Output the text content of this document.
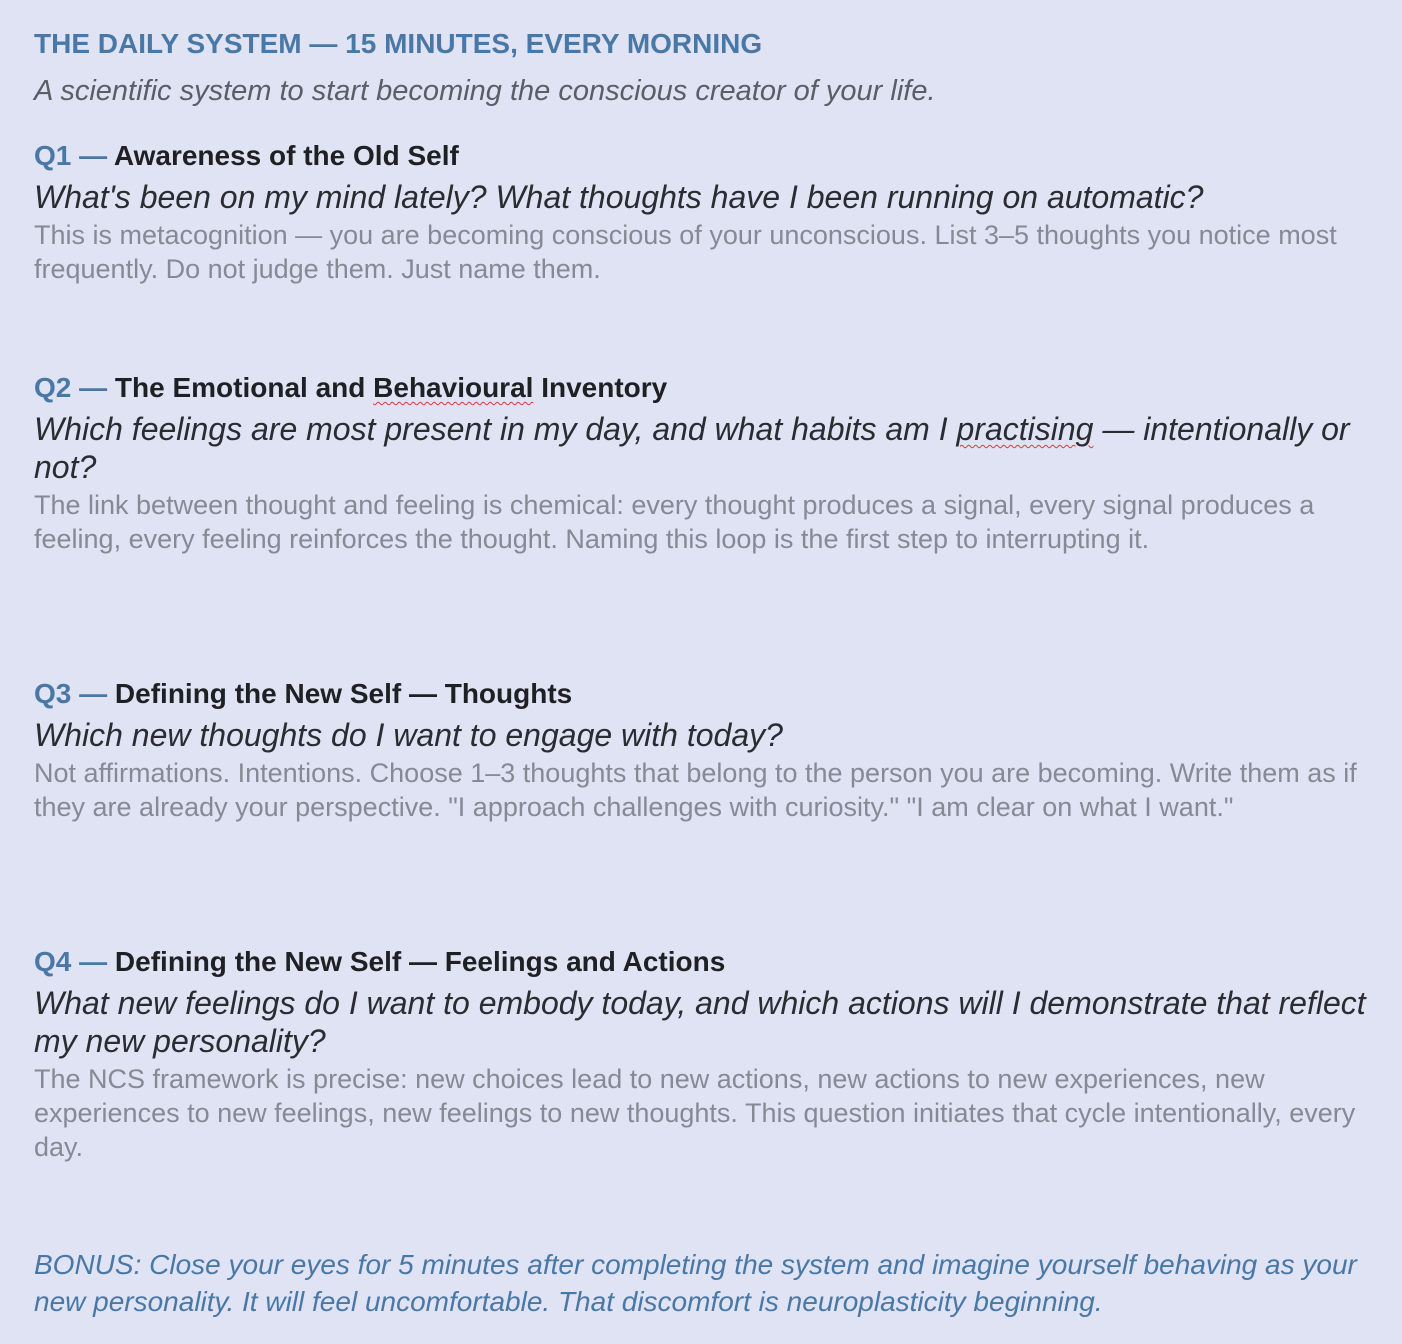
THE DAILY SYSTEM — 15 MINUTES, EVERY MORNING
A scientific system to start becoming the conscious creator of your life.
Q1 — Awareness of the Old Self
What's been on my mind lately? What thoughts have I been running on automatic?
This is metacognition — you are becoming conscious of your unconscious. List 3–5 thoughts you notice most frequently. Do not judge them. Just name them.
Q2 — The Emotional and Behavioural Inventory
Which feelings are most present in my day, and what habits am I practising — intentionally or not?
The link between thought and feeling is chemical: every thought produces a signal, every signal produces a feeling, every feeling reinforces the thought. Naming this loop is the first step to interrupting it.
Q3 — Defining the New Self — Thoughts
Which new thoughts do I want to engage with today?
Not affirmations. Intentions. Choose 1–3 thoughts that belong to the person you are becoming. Write them as if they are already your perspective. "I approach challenges with curiosity." "I am clear on what I want."
Q4 — Defining the New Self — Feelings and Actions
What new feelings do I want to embody today, and which actions will I demonstrate that reflect my new personality?
The NCS framework is precise: new choices lead to new actions, new actions to new experiences, new experiences to new feelings, new feelings to new thoughts. This question initiates that cycle intentionally, every day.
BONUS: Close your eyes for 5 minutes after completing the system and imagine yourself behaving as your new personality. It will feel uncomfortable. That discomfort is neuroplasticity beginning.
